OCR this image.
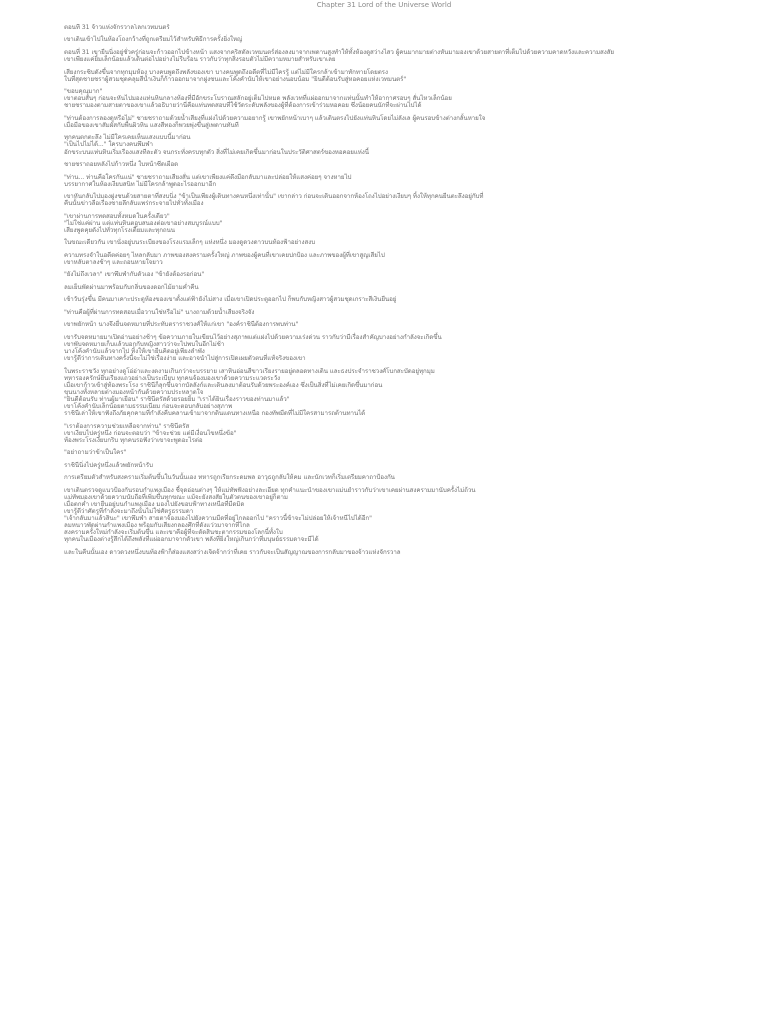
Chapter 31 Lord of the Universe World

ตอนที่ 31 จ้าวแห่งจักรวาลโลกเวทมนตร์

เขาเดินเข้าไปในห้องโถงกว้างที่ถูกเตรียมไว้สำหรับพิธีการครั้งยิ่งใหญ่

ตอนที่ 31 เขายืนนิ่งอยู่ชั่วครู่ก่อนจะก้าวออกไปข้างหน้า แสงจากคริสตัลเวทมนตร์ส่องลงมาจากเพดานสูงทำให้ทั้งห้องดูสว่างไสว ผู้คนมากมายต่างหันมามองเขาด้วยสายตาที่เต็มไปด้วยความคาดหวังและความสงสัย
เขาเพียงแค่ยิ้มเล็กน้อยแล้วเดินต่อไปอย่างไม่รีบร้อน ราวกับว่าทุกสิ่งรอบตัวไม่มีความหมายสำหรับเขาเลย

เสียงกระซิบดังขึ้นจากทุกมุมห้อง บางคนพูดถึงพลังของเขา บางคนพูดถึงอดีตที่ไม่มีใครรู้ แต่ไม่มีใครกล้าเข้ามาทักทายโดยตรง
ในที่สุดชายชราผู้สวมชุดคลุมสีน้ำเงินก็ก้าวออกมาจากฝูงชนและโค้งคำนับให้เขาอย่างนอบน้อม "ยินดีต้อนรับสู่หอคอยแห่งเวทมนตร์"

"ขอบคุณมาก"
เขาตอบสั้นๆ ก่อนจะหันไปมองแท่นหินกลางห้องที่มีอักขระโบราณสลักอยู่เต็มไปหมด พลังเวทที่แผ่ออกมาจากแท่นนั้นทำให้อากาศรอบๆ สั่นไหวเล็กน้อย
ชายชรามองตามสายตาของเขาแล้วอธิบายว่านี่คือแท่นทดสอบที่ใช้วัดระดับพลังของผู้ที่ต้องการเข้าร่วมหอคอย ซึ่งน้อยคนนักที่จะผ่านไปได้

"ท่านต้องการลองดูหรือไม่" ชายชราถามด้วยน้ำเสียงที่แฝงไปด้วยความอยากรู้ เขาพยักหน้าเบาๆ แล้วเดินตรงไปยังแท่นหินโดยไม่ลังเล ผู้คนรอบข้างต่างกลั้นหายใจ
เมื่อมือของเขาสัมผัสกับพื้นผิวหิน แสงสีทองก็พวยพุ่งขึ้นสู่เพดานทันที

ทุกคนตกตะลึง ไม่มีใครเคยเห็นแสงแบบนี้มาก่อน
"เป็นไปไม่ได้..." ใครบางคนพึมพำ
อักขระบนแท่นหินเริ่มเรืองแสงทีละตัว จนกระทั่งครบทุกตัว สิ่งที่ไม่เคยเกิดขึ้นมาก่อนในประวัติศาสตร์ของหอคอยแห่งนี้

ชายชราถอยหลังไปก้าวหนึ่ง ใบหน้าซีดเผือด

"ท่าน... ท่านคือใครกันแน่" ชายชราถามเสียงสั่น แต่เขาเพียงแค่ดึงมือกลับมาและปล่อยให้แสงค่อยๆ จางหายไป
บรรยากาศในห้องเงียบสนิท ไม่มีใครกล้าพูดอะไรออกมาอีก

เขาหันกลับไปมองฝูงชนด้วยสายตาที่สงบนิ่ง "ข้าเป็นเพียงผู้เดินทางคนหนึ่งเท่านั้น" เขากล่าว ก่อนจะเดินออกจากห้องโถงไปอย่างเงียบๆ ทิ้งให้ทุกคนยืนตะลึงอยู่กับที่
คืนนั้นข่าวลือเรื่องชายลึกลับแพร่กระจายไปทั่วทั้งเมือง

"เขาผ่านการทดสอบทั้งหมดในครั้งเดียว"
"ไม่ใช่แค่ผ่าน แต่แท่นหินตอบสนองต่อเขาอย่างสมบูรณ์แบบ"
เสียงพูดคุยดังไปทั่วทุกโรงเตี๊ยมและทุกถนน

ในขณะเดียวกัน เขานั่งอยู่บนระเบียงของโรงแรมเล็กๆ แห่งหนึ่ง มองดูดวงดาวบนท้องฟ้าอย่างสงบ

ความทรงจำในอดีตค่อยๆ ไหลกลับมา ภาพของสงครามครั้งใหญ่ ภาพของผู้คนที่เขาเคยปกป้อง และภาพของผู้ที่เขาสูญเสียไป
เขาหลับตาลงช้าๆ และถอนหายใจยาว

"ยังไม่ถึงเวลา" เขาพึมพำกับตัวเอง "ข้ายังต้องรอก่อน"

ลมเย็นพัดผ่านมาพร้อมกับกลิ่นของดอกไม้ยามค่ำคืน

เช้าวันรุ่งขึ้น มีคนมาเคาะประตูห้องของเขาตั้งแต่ฟ้ายังไม่สาง เมื่อเขาเปิดประตูออกไป ก็พบกับหญิงสาวผู้สวมชุดเกราะสีเงินยืนอยู่

"ท่านคือผู้ที่ผ่านการทดสอบเมื่อวานใช่หรือไม่" นางถามด้วยน้ำเสียงจริงจัง

เขาพยักหน้า นางจึงยื่นจดหมายที่ประทับตราราชวงศ์ให้แก่เขา "องค์ราชินีต้องการพบท่าน"

เขารับจดหมายมาเปิดอ่านอย่างช้าๆ ข้อความภายในเขียนไว้อย่างสุภาพแต่แฝงไปด้วยความเร่งด่วน ราวกับว่ามีเรื่องสำคัญบางอย่างกำลังจะเกิดขึ้น
เขาพับจดหมายเก็บแล้วบอกกับหญิงสาวว่าจะไปพบในอีกไม่ช้า
นางโค้งคำนับแล้วจากไป ทิ้งให้เขายืนคิดอยู่เพียงลำพัง
เขารู้ดีว่าการเดินทางครั้งนี้จะไม่ใช่เรื่องง่าย และอาจนำไปสู่การเปิดเผยตัวตนที่แท้จริงของเขา

ในพระราชวัง ทุกอย่างดูโอ่อ่าและงดงามเกินกว่าจะบรรยาย เสาหินอ่อนสีขาวเรียงรายอยู่ตลอดทางเดิน และธงประจำราชวงศ์โบกสะบัดอยู่ทุกมุม
ทหารองครักษ์ยืนเรียงแถวอย่างเป็นระเบียบ ทุกคนจ้องมองเขาด้วยความระแวดระวัง
เมื่อเขาก้าวเข้าสู่ท้องพระโรง ราชินีก็ลุกขึ้นจากบัลลังก์และเดินลงมาต้อนรับด้วยพระองค์เอง ซึ่งเป็นสิ่งที่ไม่เคยเกิดขึ้นมาก่อน
ขุนนางทั้งหลายต่างมองหน้ากันด้วยความประหลาดใจ
"ยินดีต้อนรับ ท่านผู้มาเยือน" ราชินีตรัสด้วยรอยยิ้ม "เราได้ยินเรื่องราวของท่านมาแล้ว"
เขาโค้งคำนับเล็กน้อยตามธรรมเนียม ก่อนจะตอบกลับอย่างสุภาพ
ราชินีเล่าให้เขาฟังถึงภัยคุกคามที่กำลังคืบคลานเข้ามาจากดินแดนทางเหนือ กองทัพมืดที่ไม่มีใครสามารถต้านทานได้

"เราต้องการความช่วยเหลือจากท่าน" ราชินีตรัส
เขาเงียบไปครู่หนึ่ง ก่อนจะตอบว่า "ข้าจะช่วย แต่มีเงื่อนไขหนึ่งข้อ"
ท้องพระโรงเงียบกริบ ทุกคนรอฟังว่าเขาจะพูดอะไรต่อ

"อย่าถามว่าข้าเป็นใคร"

ราชินีนิ่งไปครู่หนึ่งแล้วพยักหน้ารับ

การเตรียมตัวสำหรับสงครามเริ่มต้นขึ้นในวันนั้นเอง ทหารถูกเรียกระดมพล อาวุธถูกลับให้คม และนักเวทก็เริ่มเตรียมคาถาป้องกัน

เขาเดินตรวจดูแนวป้องกันรอบกำแพงเมือง ชี้จุดอ่อนต่างๆ ให้แม่ทัพฟังอย่างละเอียด ทุกคำแนะนำของเขาแม่นยำราวกับว่าเขาเคยผ่านสงครามมานับครั้งไม่ถ้วน
แม่ทัพมองเขาด้วยความนับถือที่เพิ่มขึ้นทุกขณะ แม้จะยังสงสัยในตัวตนของเขาอยู่ก็ตาม
เมื่อตกค่ำ เขายืนอยู่บนกำแพงเมือง มองไปยังขอบฟ้าทางเหนือที่มืดมิด
เขารู้ดีว่าศัตรูที่กำลังจะมาถึงนั้นไม่ใช่ศัตรูธรรมดา
"เจ้ากลับมาแล้วสินะ" เขาพึมพำ สายตาจ้องมองไปยังความมืดที่อยู่ไกลออกไป "คราวนี้ข้าจะไม่ปล่อยให้เจ้าหนีไปได้อีก"
ลมหนาวพัดผ่านกำแพงเมือง พร้อมกับเสียงกลองศึกที่ดังแว่วมาจากที่ไกล
สงครามครั้งใหม่กำลังจะเริ่มต้นขึ้น และเขาคือผู้ที่จะตัดสินชะตากรรมของโลกนี้ทั้งใบ
ทุกคนในเมืองต่างรู้สึกได้ถึงพลังที่แผ่ออกมาจากตัวเขา พลังที่ยิ่งใหญ่เกินกว่าที่มนุษย์ธรรมดาจะมีได้

และในคืนนั้นเอง ดาวดวงหนึ่งบนท้องฟ้าก็ส่องแสงสว่างเจิดจ้ากว่าที่เคย ราวกับจะเป็นสัญญาณของการกลับมาของจ้าวแห่งจักรวาล
